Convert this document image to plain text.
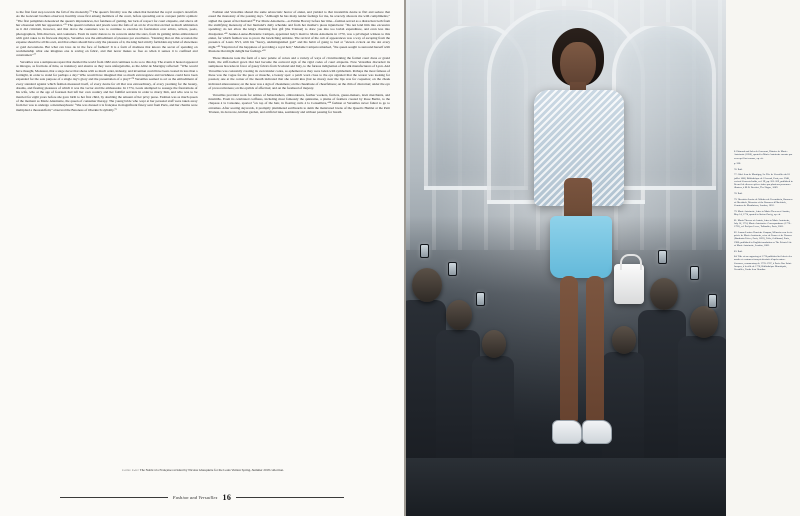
to the first fatal step towards the fall of the monarchy.⁷⁵ The queen's frivolity was the omen that heralded the royal couple's downfall. As the Goncourt brothers observed, hostility arose first among members of the court, before spreading out to conquer public opinion: “The first pamphlets denounced the queen's imprudences, her fondness of gaming, her lack of respect for court etiquette, and above all her obsession with her appearance.”⁷⁶ The queen's toilettes and jewels were the foils of an art de vivre that excited as much admiration as it did criticism, however, and that drove the couturiers was to continue to exercise its fascination over artists, writers, poets, photographers, film directors, and couturiers. From its rustic dances to its concerts under the stars, from its gaming tables embroidered with gold cakes to its firework displays, Versailles was the embodiment of pleasure par excellence. “Desiring that on this occasion the expense should be all his own, and that others should have only the pleasure of it, the king had strictly forbidden any kind of showiness or gold decorations. But what can laws do in the face of fashion? It is a form of madness that knows the secret of spending on workmanship what one imagines one is saving on fabric, and that never makes so free as when it senses it is confined and constrained.”⁷⁷

Versailles was a sumptuous repast that dazzled the world from 1682 and continues to do so to this day. The events it hosted appeared as mirages, as fractions of time, as transitory and elusive as they were unforgettable, as the Abbé de Mortigny reflected: “Who would have thought, Monsieur, that a stage decor that shone with so much order, industry, and invention could have been created in less than a fortnight, in order to stand for perhaps a day? Who would have imagined that so much extravagance and lavishness could have been expended for the sole purpose of a single day's glory and the presentation of a play?”⁷⁸ Versailles seemed to act as the embodiment of every standard against which fashion measured itself, of every desire for all that was extraordinary, of every yearning for the beauty, dreams, and fleeting pleasures of which it was the vector and the ambassador. In 1774, Louis attempted to assuage the frustrations of his wife, who at the age of fourteen had left her own country and her faithful servants in order to marry him, and who was to be married for eight years before she gave birth to her first child, by doubling the amount of her privy purse. Fashion was as much queen of the moment as Marie Antoinette, the queen of consumer therapy. The young bride who wept at her personal staff were taken away from her was to undergo a metamorphosis: “She was dressed à la française in magnificent finery sent from Paris, and her charms were multiplied a thousandfold,” observed the Baroness of Oberkirch stylishly.⁷⁹

Fashion and Versailles shared the same aristocratic horror of ennui, and yielded to that irresistible desire to flirt and seduce that eased the monotony of the passing days. “Although he has many tender feelings for me, he scarcely showers me with compliments,” sighed the queen of her husband.⁸⁰ For Marie Antoinette—as Emma Bovary before her time—fashion served as a distraction both from the stultifying monotony of her husband's daily schedule and from her mother's pious injunctions: “Do not lend him into excessive spending; do not allow the king's charming first gift [the Trianon] to draw you into too lavish expenditure, and even less into dissipation.”⁸¹ Jeanne-Louise-Henriette Campan, appointed lady's maid to Marie Antoinette in 1770, was a privileged witness to this ennui, for which fashion was to prove the bewitching antidote. The revival of the cult of appearances was a way of escaping from the presence of Louis XVI, with his “heavy, undistinguished gait” and his habit of going to bed at “eleven o'clock on the dot every night.”⁸² “Deprived of the happiness of providing a royal heir,” Madame Campan remarked, “the queen sought to surround herself with illusions that might delight her feelings.”⁸³

These illusions took the form of a new palette of colors and a variety of ways of circumventing the formal court dress or grand habit, the stiff-bodied gown that had become the outward sign of the rigid codes of court etiquette. Now Versailles discarded its sumptuous brocades in favor of gauzy fabrics from Scotland and Italy, to the furious indignation of the silk manufacturers of Lyon. And Versailles was constantly creating its own insider codes, as ephemeral as they were laden with symbolism. Perhaps the most famous of these was the vogue for the puce or mouche, a beauty spot: a patch worn close to the eye signaled that the wearer was looking for passion; one at the corner of the mouth indicated that she would kiss (but no more); near the lips was for coquettes; on the cheek indicated amorousness; on the nose was a sign of cheekiness; on the cheekbone of cheerfulness; on the chin of discretion; under the eye of provocativeness; on the eyelids of affection; and on the forehead of majesty.

Versailles provided work for armies of haberdashers, embroiderers, feather workers, furriers, gauze-makers, lawn merchants, and tinsmiths. From its celebrated coiffures, including most famously the quinzaine, a plume of feathers created by Rose Bertin, to the chapeau à la Caisonne, sported “on top of the hair, in floating curls à la Conseillère,”⁸⁴ fashion at Versailles never failed to go to extremes. After soaring skywards, it promptly plummeted earthwards to skim the manicured lawns of the Queen's Hamlet at the Petit Trianon, its dovecote, kitchen garden, and artificial lake, seamlessly and without pausing for breath.

facing page: The Noblé à la Française revisited by Nicolas Ghesquière for the Louis Vuitton Spring–Summer 2018 collection.
Fashion and Versailles 16

8. Edmond and Jules de Goncourt, Histoire de Marie-Antoinette (1858), quoted in Marie-Antoinette raconte par ceux qui l'ont connue, op. cit.

p. 208.

76. Ibid.

77. Abbé Jean de Montigny, La Fête de Versailles du 18 juillet 1668, Bibliothèque de l'Arsenal, Paris, ms. 2948, revised Concerts Indiis, vol. IX, pp. 205–209, published in Recueil de diverses pièces faites par plusieurs personnes illustres, à M.D. Drochet, The Hague, 1669.

78. Ibid.

79. Henriette-Louise de Waldner de Freundstein, Baroness of Oberkirch, Memoirs of the Baroness d'Oberkirch, Countess de Montbrison, London, 1852.

79. Marie Antoinette, letter to Maria Theresa of Austria, May 14, 1774, quoted in Stefan Zweig, op. cit.

81. Maria Theresa of Austria, letter to Marie Antoinette, July 16, 1774, Marie-Antoinette: Correspondance (1770–1793), ed. Évelyne Lever, Tallandier, Paris, 2005.

82. Jeanne-Louise-Henriette Campan, Mémoires sur la vie privée de Marie-Antoinette, reine de France et de Navarre (Baudouin Frères, Paris, 1822), Folio, Gallimard, Paris, 1988; published in English translation as The Private Life of Marie Antoinette, London, 1883.

83. Ibid.

84. Title of an engraving of 1776 published in Galerie des modes et costumes français dessinés d'après nature. Gravures, commentary de 1778–1787, à Paris: Rue Saint-Jacques, à la ville de 1778, Bibliothèque Municipale, Versailles, Fonds Jean Hondius.
